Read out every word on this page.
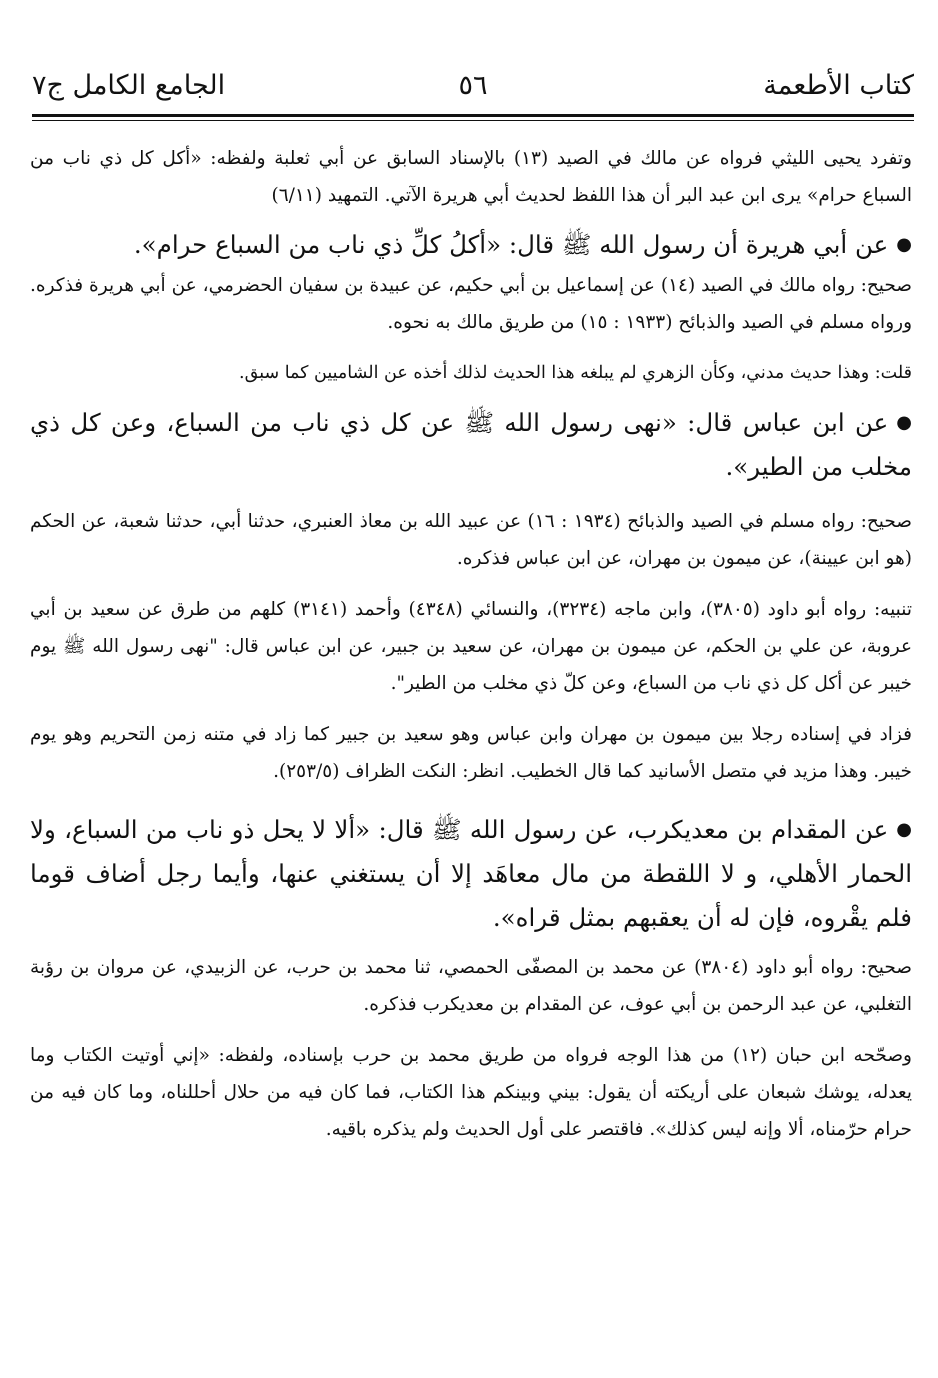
كتاب الأطعمة
٥٦
الجامع الكامل ج٧

وتفرد يحيى الليثي فرواه عن مالك في الصيد (١٣) بالإسناد السابق عن أبي ثعلبة ولفظه: «أكل كل ذي ناب من السباع حرام» يرى ابن عبد البر أن هذا اللفظ لحديث أبي هريرة الآتي. التمهيد (٦/١١)

●عن أبي هريرة أن رسول الله ﷺ قال: «أكلُ كلِّ ذي ناب من السباع حرام».

صحيح: رواه مالك في الصيد (١٤) عن إسماعيل بن أبي حكيم، عن عبيدة بن سفيان الحضرمي، عن أبي هريرة فذكره. ورواه مسلم في الصيد والذبائح (١٩٣٣ : ١٥) من طريق مالك به نحوه.

قلت: وهذا حديث مدني، وكأن الزهري لم يبلغه هذا الحديث لذلك أخذه عن الشاميين كما سبق.

●عن ابن عباس قال: «نهى رسول الله ﷺ عن كل ذي ناب من السباع، وعن كل ذي مخلب من الطير».

صحيح: رواه مسلم في الصيد والذبائح (١٩٣٤ : ١٦) عن عبيد الله بن معاذ العنبري، حدثنا أبي، حدثنا شعبة، عن الحكم (هو ابن عيينة)، عن ميمون بن مهران، عن ابن عباس فذكره.

تنبيه: رواه أبو داود (٣٨٠٥)، وابن ماجه (٣٢٣٤)، والنسائي (٤٣٤٨) وأحمد (٣١٤١) كلهم من طرق عن سعيد بن أبي عروبة، عن علي بن الحكم، عن ميمون بن مهران، عن سعيد بن جبير، عن ابن عباس قال: "نهى رسول الله ﷺ يوم خيبر عن أكل كل ذي ناب من السباع، وعن كلّ ذي مخلب من الطير".

فزاد في إسناده رجلا بين ميمون بن مهران وابن عباس وهو سعيد بن جبير كما زاد في متنه زمن التحريم وهو يوم خيبر. وهذا مزيد في متصل الأسانيد كما قال الخطيب. انظر: النكت الظراف (٢٥٣/٥).

●عن المقدام بن معديكرب، عن رسول الله ﷺ قال: «ألا لا يحل ذو ناب من السباع، ولا الحمار الأهلي، و لا اللقطة من مال معاهَد إلا أن يستغني عنها، وأيما رجل أضاف قوما فلم يقْروه، فإن له أن يعقبهم بمثل قراه».

صحيح: رواه أبو داود (٣٨٠٤) عن محمد بن المصفّى الحمصي، ثنا محمد بن حرب، عن الزبيدي، عن مروان بن رؤبة التغلبي، عن عبد الرحمن بن أبي عوف، عن المقدام بن معديكرب فذكره.

وصحّحه ابن حبان (١٢) من هذا الوجه فرواه من طريق محمد بن حرب بإسناده، ولفظه: «إني أوتيت الكتاب وما يعدله، يوشك شبعان على أريكته أن يقول: بيني وبينكم هذا الكتاب، فما كان فيه من حلال أحللناه، وما كان فيه من حرام حرّمناه، ألا وإنه ليس كذلك». فاقتصر على أول الحديث ولم يذكره باقيه.
